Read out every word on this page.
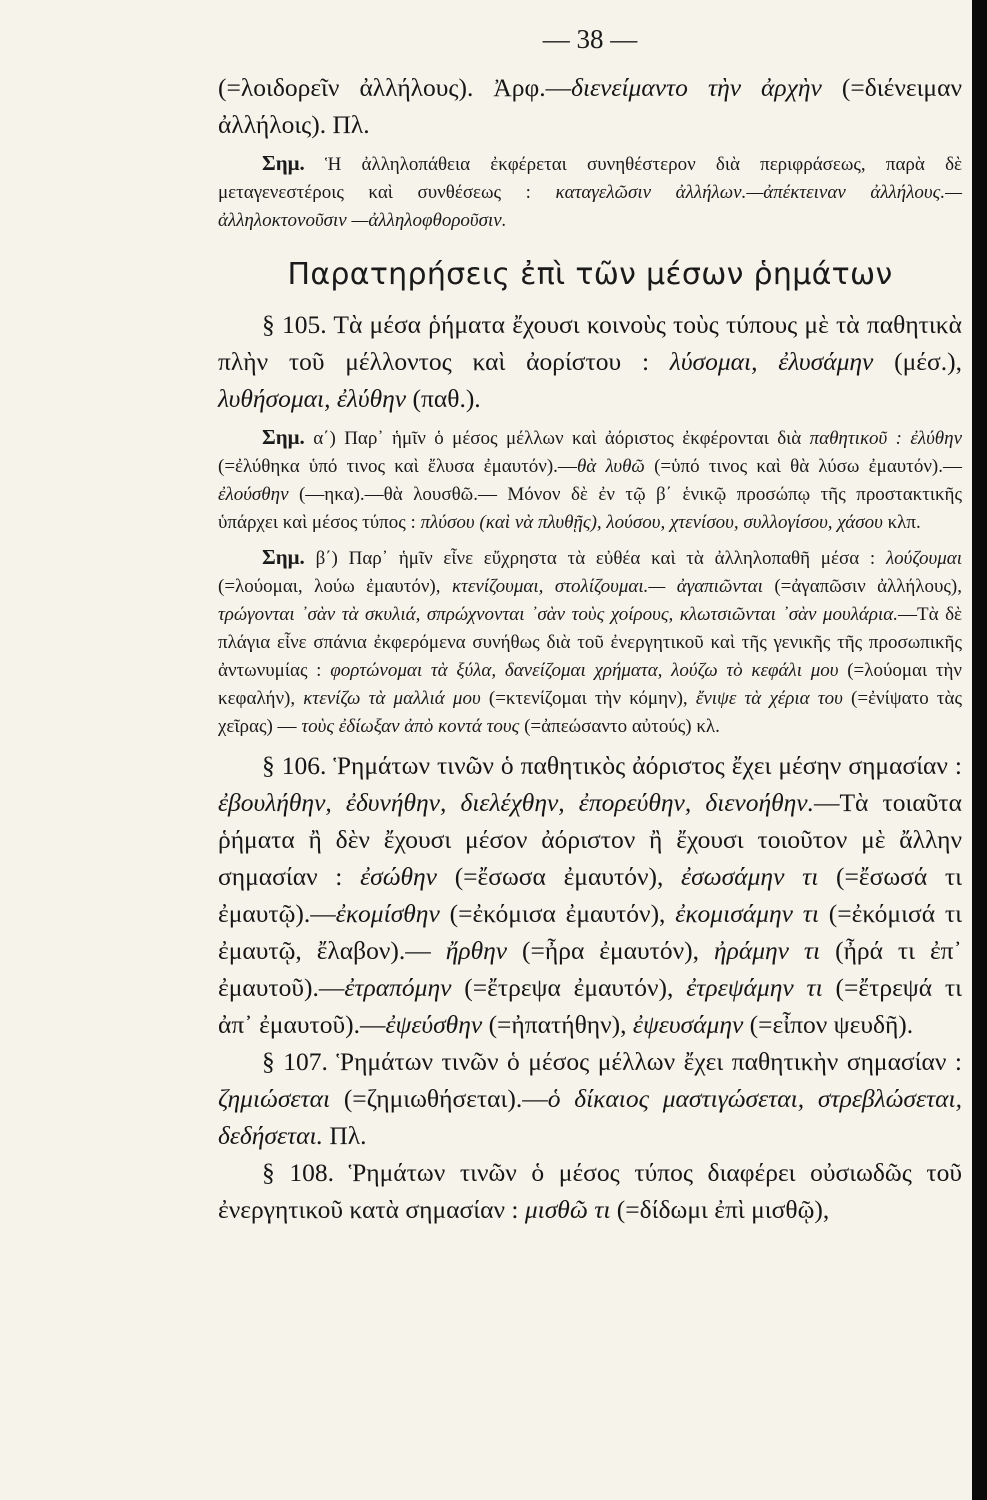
— 38 —

(=λοιδορεῖν ἀλλήλους). Ἀρφ.—διενείμαντο τὴν ἀρχὴν (=διένειμαν ἀλλήλοις). Πλ.

Σημ. Ἡ ἀλληλοπάθεια ἐκφέρεται συνηθέστερον διὰ περιφράσεως, παρὰ δὲ μεταγενεστέροις καὶ συνθέσεως : καταγελῶσιν ἀλλήλων.—ἀπέκτειναν ἀλλήλους.—ἀλληλοκτονοῦσιν —ἀλληλοφθοροῦσιν.

Παρατηρήσεις ἐπὶ τῶν μέσων ῥημάτων

§ 105. Τὰ μέσα ῥήματα ἔχουσι κοινοὺς τοὺς τύπους μὲ τὰ παθητικὰ πλὴν τοῦ μέλλοντος καὶ ἀορίστου : λύσομαι, ἐλυσάμην (μέσ.), λυθήσομαι, ἐλύθην (παθ.).

Σημ. α΄) Παρ᾿ ἡμῖν ὁ μέσος μέλλων καὶ ἀόριστος ἐκφέρονται διὰ παθητικοῦ : ἐλύθην (=ἐλύθηκα ὑπό τινος καὶ ἔλυσα ἐμαυτόν).—θὰ λυθῶ (=ὑπό τινος καὶ θὰ λύσω ἐμαυτόν).—ἐλούσθην (—ηκα).—θὰ λουσθῶ.— Μόνον δὲ ἐν τῷ β΄ ἑνικῷ προσώπῳ τῆς προστακτικῆς ὑπάρχει καὶ μέσος τύπος : πλύσου (καὶ νὰ πλυθῇς), λούσου, χτενίσου, συλλογίσου, χάσου κλπ.

Σημ. β΄) Παρ᾿ ἡμῖν εἶνε εὔχρηστα τὰ εὐθέα καὶ τὰ ἀλληλοπαθῆ μέσα : λούζουμαι (=λούομαι, λούω ἐμαυτόν), κτενίζουμαι, στολίζουμαι.— ἀγαπιῶνται (=ἀγαπῶσιν ἀλλήλους), τρώγονται ᾿σὰν τὰ σκυλιά, σπρώχνονται ᾿σὰν τοὺς χοίρους, κλωτσιῶνται ᾿σὰν μουλάρια.—Τὰ δὲ πλάγια εἶνε σπάνια ἐκφερόμενα συνήθως διὰ τοῦ ἐνεργητικοῦ καὶ τῆς γενικῆς τῆς προσωπικῆς ἀντωνυμίας : φορτώνομαι τὰ ξύλα, δανείζομαι χρήματα, λούζω τὸ κεφάλι μου (=λούομαι τὴν κεφαλήν), κτενίζω τὰ μαλλιά μου (=κτενίζομαι τὴν κόμην), ἔνιψε τὰ χέρια του (=ἐνίψατο τὰς χεῖρας) — τοὺς ἐδίωξαν ἀπὸ κοντά τους (=ἀπεώσαντο αὐτούς) κλ.

§ 106. Ῥημάτων τινῶν ὁ παθητικὸς ἀόριστος ἔχει μέσην σημασίαν : ἐβουλήθην, ἐδυνήθην, διελέχθην, ἐπορεύθην, διενοήθην.—Τὰ τοιαῦτα ῥήματα ἢ δὲν ἔχουσι μέσον ἀόριστον ἢ ἔχουσι τοιοῦτον μὲ ἄλλην σημασίαν : ἐσώθην (=ἔσωσα ἐμαυτόν), ἐσωσάμην τι (=ἔσωσά τι ἐμαυτῷ).—ἐκομίσθην (=ἐκόμισα ἐμαυτόν), ἐκομισάμην τι (=ἐκόμισά τι ἐμαυτῷ, ἔλαβον).— ἤρθην (=ἦρα ἐμαυτόν), ἠράμην τι (ἦρά τι ἐπ᾿ ἐμαυτοῦ).—ἐτραπόμην (=ἔτρεψα ἐμαυτόν), ἐτρεψάμην τι (=ἔτρεψά τι ἀπ᾿ ἐμαυτοῦ).—ἐψεύσθην (=ἠπατήθην), ἐψευσάμην (=εἶπον ψευδῆ).

§ 107. Ῥημάτων τινῶν ὁ μέσος μέλλων ἔχει παθητικὴν σημασίαν : ζημιώσεται (=ζημιωθήσεται).—ὁ δίκαιος μαστιγώσεται, στρεβλώσεται, δεδήσεται. Πλ.

§ 108. Ῥημάτων τινῶν ὁ μέσος τύπος διαφέρει οὐσιωδῶς τοῦ ἐνεργητικοῦ κατὰ σημασίαν : μισθῶ τι (=δίδωμι ἐπὶ μισθῷ),
